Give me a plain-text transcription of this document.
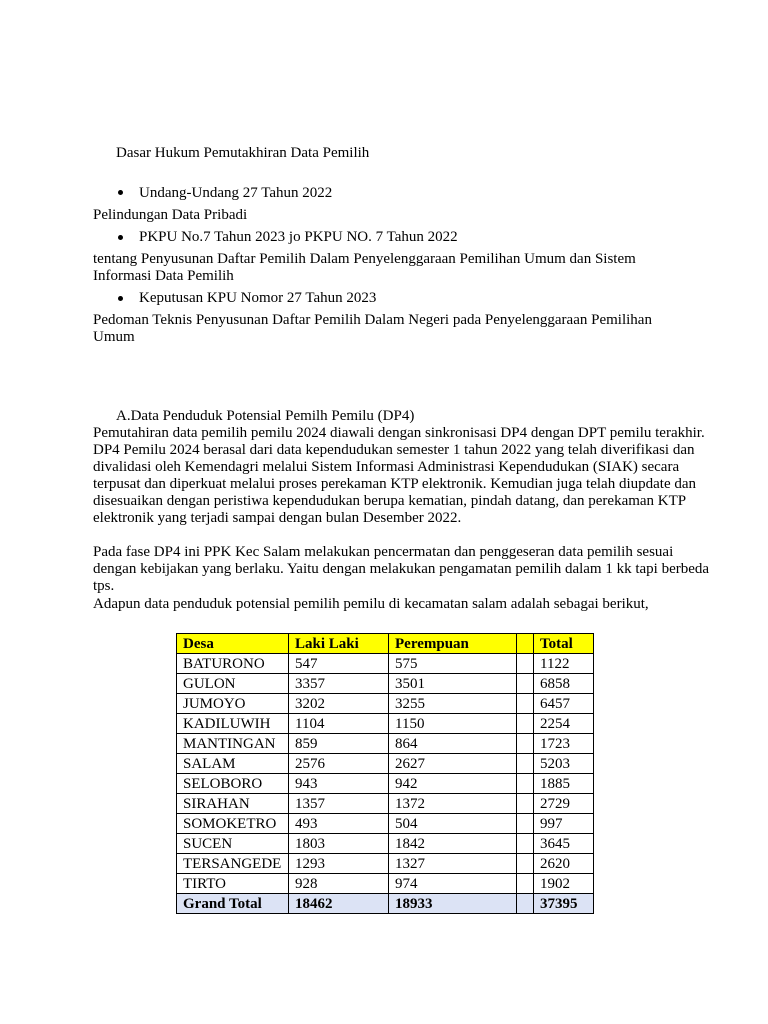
Dasar Hukum Pemutakhiran Data Pemilih
Undang-Undang 27 Tahun 2022
Pelindungan Data Pribadi
PKPU No.7 Tahun 2023 jo PKPU NO. 7 Tahun 2022
tentang Penyusunan Daftar Pemilih Dalam Penyelenggaraan Pemilihan Umum dan Sistem
Informasi Data Pemilih
Keputusan KPU Nomor 27 Tahun 2023
Pedoman Teknis Penyusunan Daftar Pemilih Dalam Negeri pada Penyelenggaraan Pemilihan
Umum
A.Data Penduduk Potensial Pemilh Pemilu (DP4)
Pemutahiran data pemilih pemilu 2024 diawali dengan sinkronisasi DP4 dengan DPT pemilu terakhir. DP4 Pemilu 2024 berasal dari data kependudukan semester 1 tahun 2022 yang telah diverifikasi dan divalidasi oleh Kemendagri melalui Sistem Informasi Administrasi Kependudukan (SIAK) secara terpusat dan diperkuat melalui proses perekaman KTP elektronik. Kemudian juga telah diupdate dan disesuaikan dengan peristiwa kependudukan berupa kematian, pindah datang, dan perekaman KTP elektronik yang terjadi sampai dengan bulan Desember 2022.
Pada fase DP4 ini PPK Kec Salam melakukan pencermatan dan penggeseran data pemilih sesuai dengan kebijakan yang berlaku. Yaitu dengan melakukan pengamatan pemilih dalam 1 kk tapi berbeda tps.
Adapun data penduduk potensial pemilih pemilu di kecamatan salam adalah sebagai berikut,
Desa	Laki Laki	Perempuan		Total
BATURONO	547	575		1122
GULON	3357	3501		6858
JUMOYO	3202	3255		6457
KADILUWIH	1104	1150		2254
MANTINGAN	859	864		1723
SALAM	2576	2627		5203
SELOBORO	943	942		1885
SIRAHAN	1357	1372		2729
SOMOKETRO	493	504		997
SUCEN	1803	1842		3645
TERSANGEDE	1293	1327		2620
TIRTO	928	974		1902
Grand Total	18462	18933		37395
